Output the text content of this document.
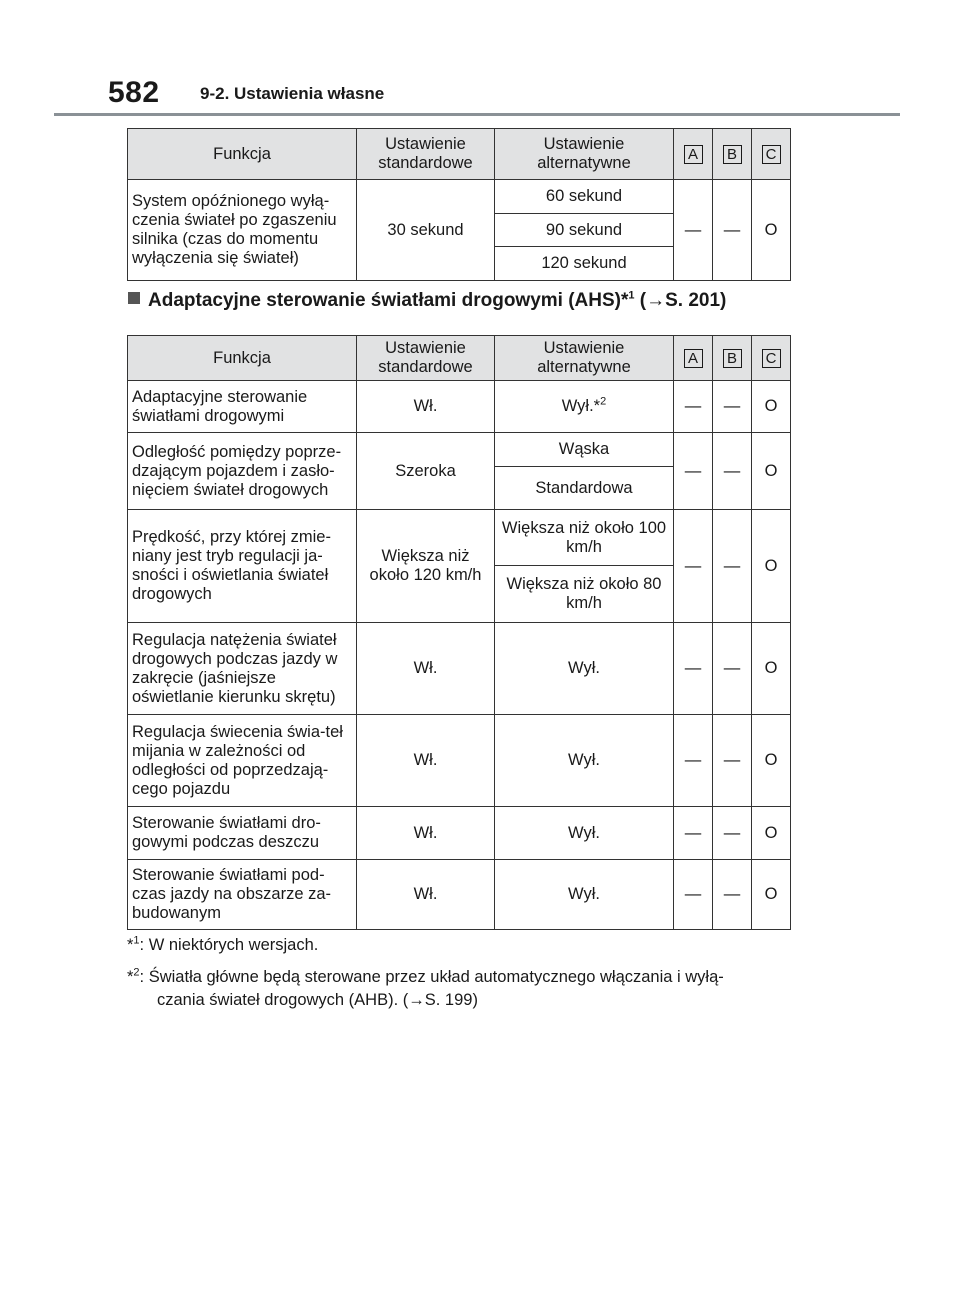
582 9-2. Ustawienia własne
Funkcja	Ustawienie standardowe	Ustawienie alternatywne	A	B	C
System opóźnionego wyłą-czenia świateł po zgaszeniu silnika (czas do momentu wyłączenia się świateł)	30 sekund	60 sekund	—	—	O
		90 sekund			
		120 sekund			
Adaptacyjne sterowanie światłami drogowymi (AHS)*$^1$ (→S. 201)
Funkcja	Ustawienie standardowe	Ustawienie alternatywne	A	B	C
Adaptacyjne sterowanie światłami drogowymi	Wł.	Wył.*$^2$	—	—	O
Odległość pomiędzy poprze-dzającym pojazdem i zasło-nięciem świateł drogowych	Szeroka	Wąska	—	—	O
		Standardowa			
Prędkość, przy której zmie-niany jest tryb regulacji ja-sności i oświetlania świateł drogowych	Większa niż około 120 km/h	Większa niż około 100 km/h	—	—	O
		Większa niż około 80 km/h			
Regulacja natężenia świateł drogowych podczas jazdy w zakręcie (jaśniejsze oświetlanie kierunku skrętu)	Wł.	Wył.	—	—	O
Regulacja świecenia świa-teł mijania w zależności od odległości od poprzedzają-cego pojazdu	Wł.	Wył.	—	—	O
Sterowanie światłami dro-gowymi podczas deszczu	Wł.	Wył.	—	—	O
Sterowanie światłami pod-czas jazdy na obszarze za-budowanym	Wł.	Wył.	—	—	O
*$^1$: W niektórych wersjach.
*$^2$: Światła główne będą sterowane przez układ automatycznego włączania i wyłą-
czania świateł drogowych (AHB). (→S. 199)
